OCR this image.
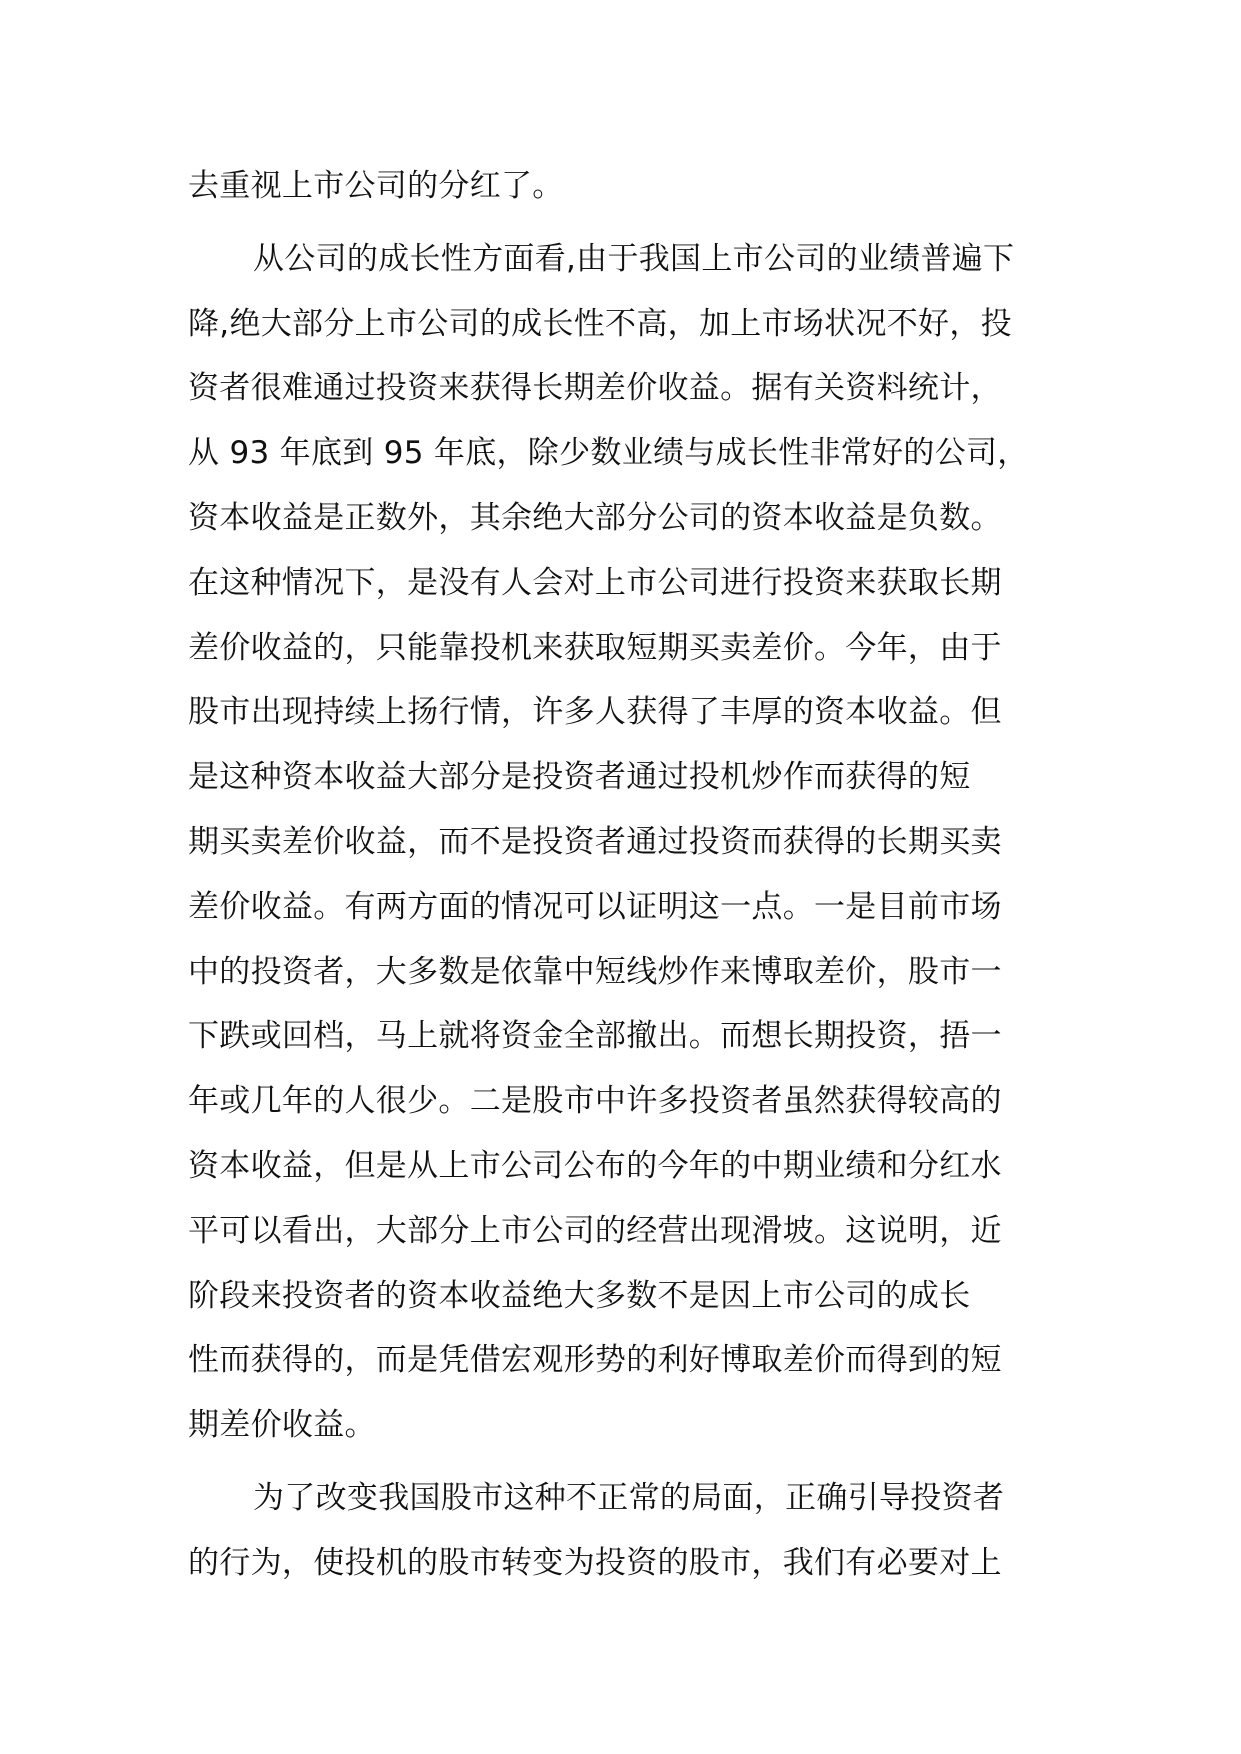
去重视上市公司的分红了。
从公司的成长性方面看,由于我国上市公司的业绩普遍下
降,绝大部分上市公司的成长性不高，加上市场状况不好，投
资者很难通过投资来获得长期差价收益。据有关资料统计，
从 93 年底到 95 年底，除少数业绩与成长性非常好的公司，
资本收益是正数外，其余绝大部分公司的资本收益是负数。
在这种情况下，是没有人会对上市公司进行投资来获取长期
差价收益的，只能靠投机来获取短期买卖差价。今年，由于
股市出现持续上扬行情，许多人获得了丰厚的资本收益。但
是这种资本收益大部分是投资者通过投机炒作而获得的短
期买卖差价收益，而不是投资者通过投资而获得的长期买卖
差价收益。有两方面的情况可以证明这一点。一是目前市场
中的投资者，大多数是依靠中短线炒作来博取差价，股市一
下跌或回档，马上就将资金全部撤出。而想长期投资，捂一
年或几年的人很少。二是股市中许多投资者虽然获得较高的
资本收益，但是从上市公司公布的今年的中期业绩和分红水
平可以看出，大部分上市公司的经营出现滑坡。这说明，近
阶段来投资者的资本收益绝大多数不是因上市公司的成长
性而获得的，而是凭借宏观形势的利好博取差价而得到的短
期差价收益。
为了改变我国股市这种不正常的局面，正确引导投资者
的行为，使投机的股市转变为投资的股市，我们有必要对上
